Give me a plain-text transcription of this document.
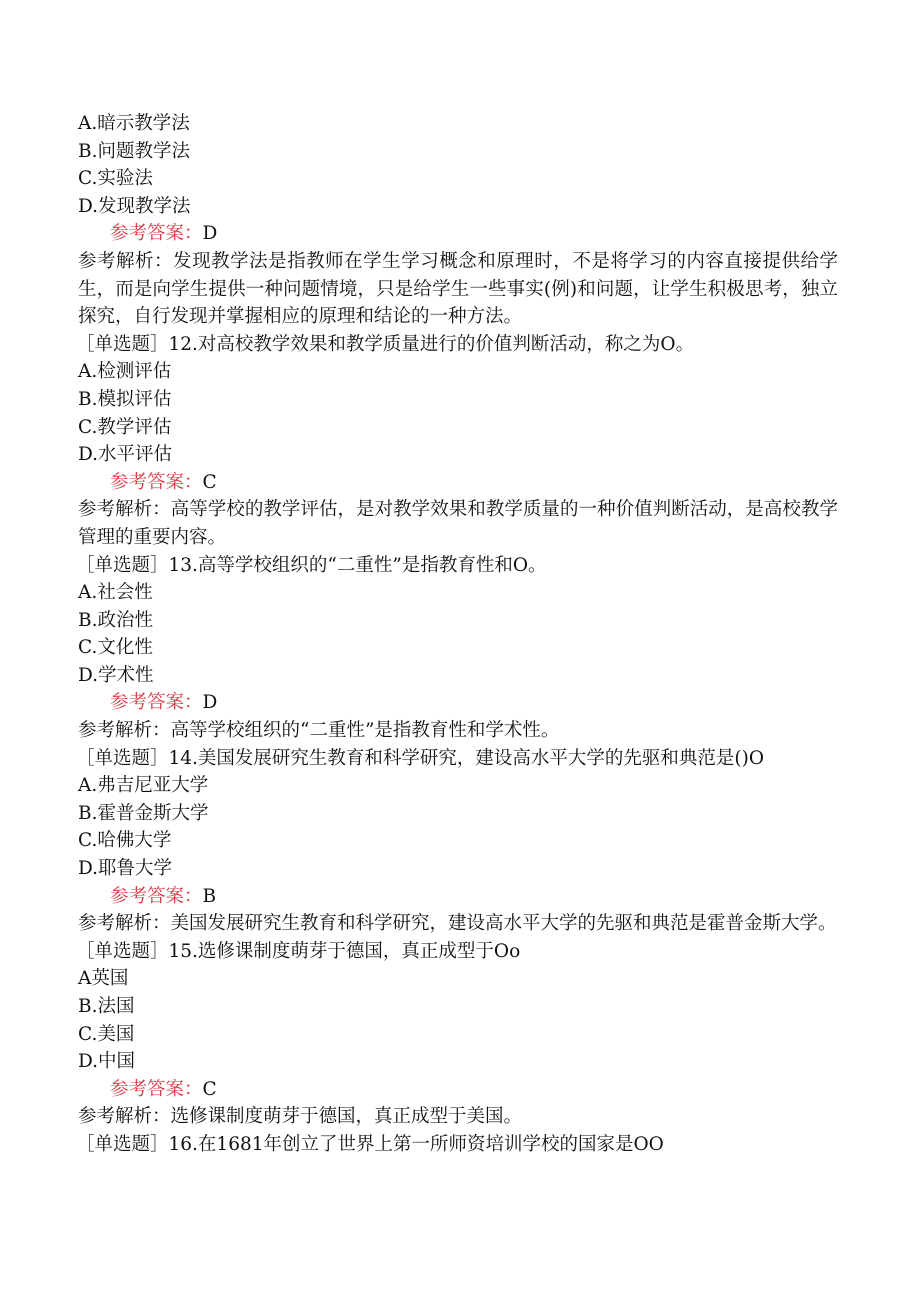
A.暗示教学法
B.问题教学法
C.实验法
D.发现教学法
参考答案：D
参考解析：发现教学法是指教师在学生学习概念和原理时，不是将学习的内容直接提供给学生，而是向学生提供一种问题情境，只是给学生一些事实(例)和问题，让学生积极思考，独立探究，自行发现并掌握相应的原理和结论的一种方法。
［单选题］12.对高校教学效果和教学质量进行的价值判断活动，称之为O。
A.检测评估
B.模拟评估
C.教学评估
D.水平评估
参考答案：C
参考解析：高等学校的教学评估，是对教学效果和教学质量的一种价值判断活动，是高校教学管理的重要内容。
［单选题］13.高等学校组织的“二重性”是指教育性和O。
A.社会性
B.政治性
C.文化性
D.学术性
参考答案：D
参考解析：高等学校组织的“二重性”是指教育性和学术性。
［单选题］14.美国发展研究生教育和科学研究，建设高水平大学的先驱和典范是()O
A.弗吉尼亚大学
B.霍普金斯大学
C.哈佛大学
D.耶鲁大学
参考答案：B
参考解析：美国发展研究生教育和科学研究，建设高水平大学的先驱和典范是霍普金斯大学。
［单选题］15.选修课制度萌芽于德国，真正成型于Oo
A英国
B.法国
C.美国
D.中国
参考答案：C
参考解析：选修课制度萌芽于德国，真正成型于美国。
［单选题］16.在1681年创立了世界上第一所师资培训学校的国家是OO
